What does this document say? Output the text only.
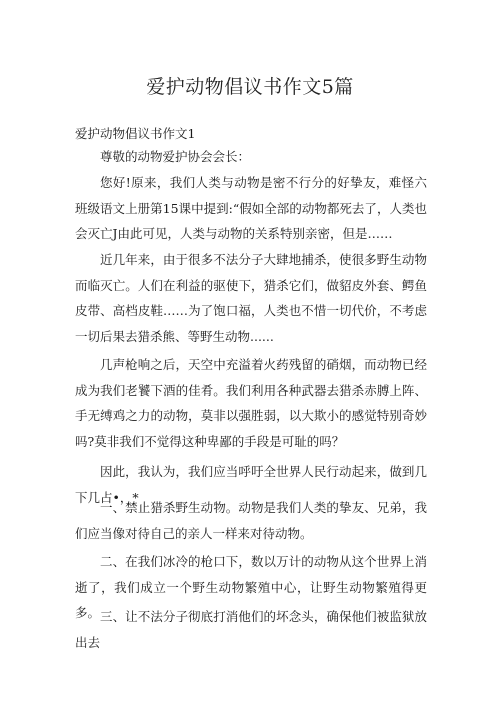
爱护动物倡议书作文5篇
爱护动物倡议书作文1

尊敬的动物爱护协会会长：

您好!原来，我们人类与动物是密不行分的好挚友，难怪六班级语文上册第15课中提到:“假如全部的动物都死去了，人类也会灭亡J由此可见，人类与动物的关系特别亲密，但是……

近几年来，由于很多不法分子大肆地捕杀，使很多野生动物而临灭亡。人们在利益的驱使下，猎杀它们，做貂皮外套、鳄鱼皮带、高档皮鞋……为了饱口福，人类也不惜一切代价，不考虑一切后果去猎杀熊、等野生动物......

几声枪响之后，天空中充溢着火药残留的硝烟，而动物已经成为我们老饕下酒的佳肴。我们利用各种武器去猎杀赤膊上阵、手无缚鸡之力的动物，莫非以强胜弱，以大欺小的感觉特别奇妙吗?莫非我们不觉得这种卑鄙的手段是可耻的吗？

因此，我认为，我们应当呼吁全世界人民行动起来，做到几下几占•，*

一、禁止猎杀野生动物。动物是我们人类的挚友、兄弟，我们应当像对待自己的亲人一样来对待动物。

二、在我们冰冷的枪口下，数以万计的动物从这个世界上消逝了，我们成立一个野生动物繁殖中心，让野生动物繁殖得更多。 三、让不法分子彻底打消他们的坏念头，确保他们被监狱放出去
